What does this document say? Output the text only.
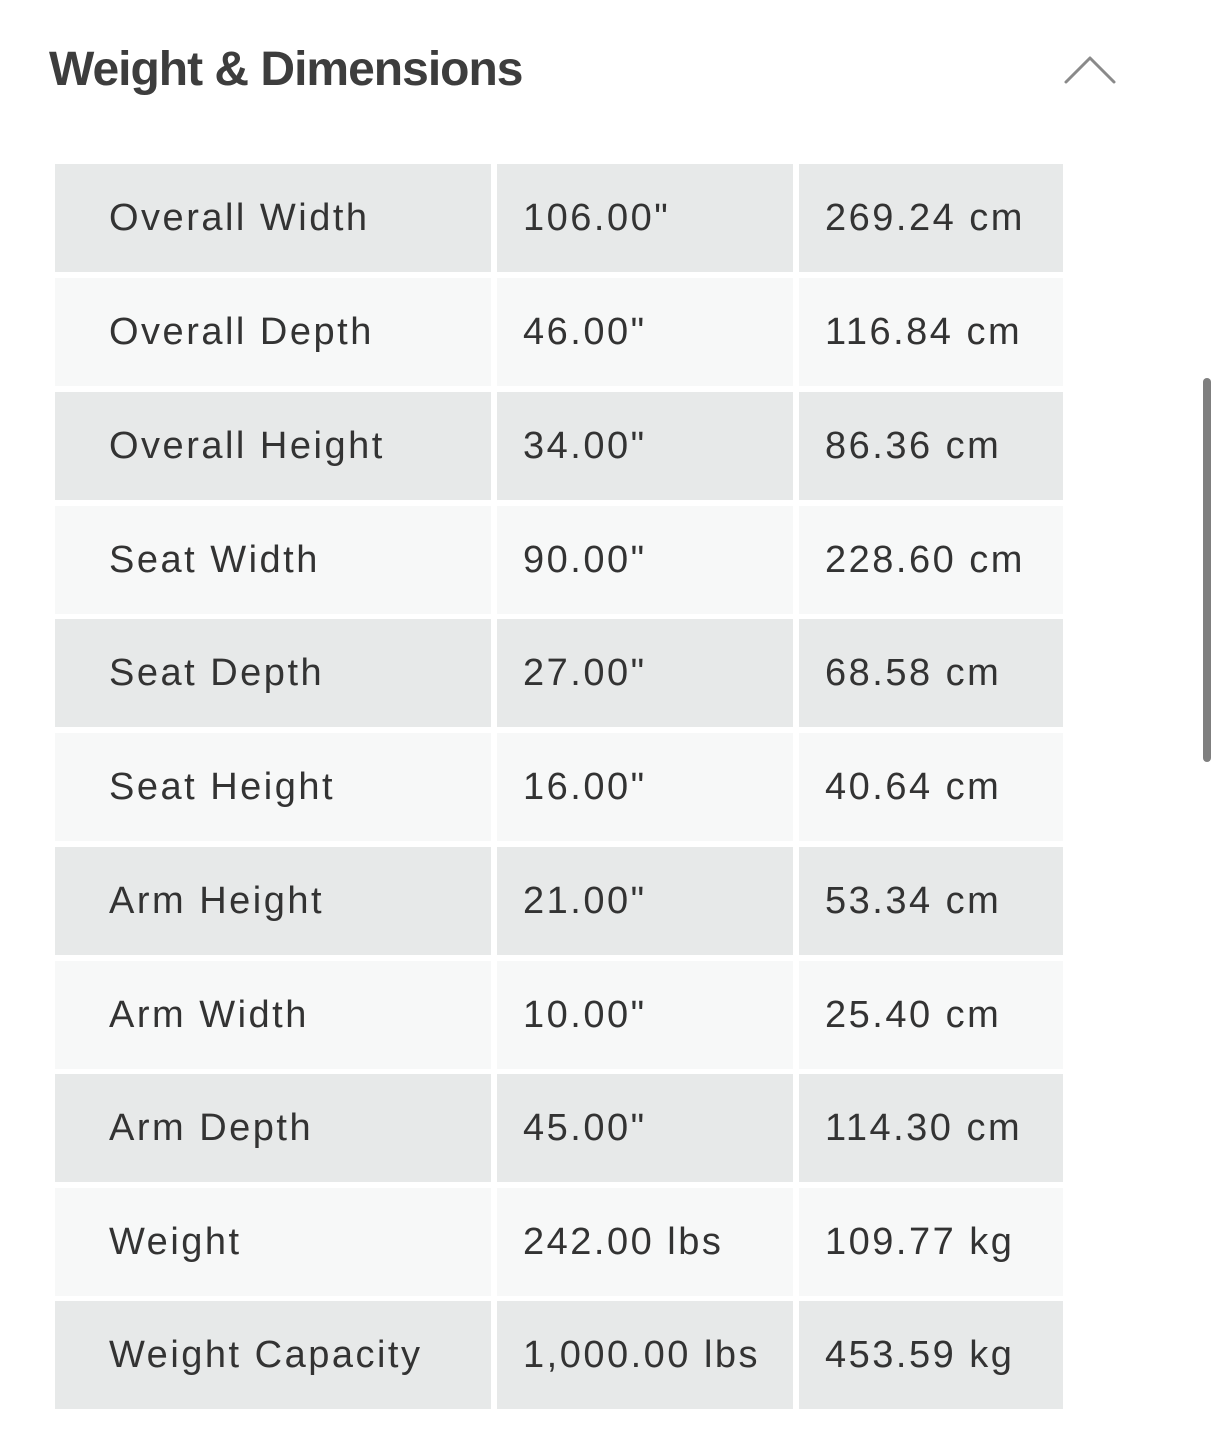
Weight & Dimensions
Overall Width	106.00"	269.24 cm
Overall Depth	46.00"	116.84 cm
Overall Height	34.00"	86.36 cm
Seat Width	90.00"	228.60 cm
Seat Depth	27.00"	68.58 cm
Seat Height	16.00"	40.64 cm
Arm Height	21.00"	53.34 cm
Arm Width	10.00"	25.40 cm
Arm Depth	45.00"	114.30 cm
Weight	242.00 lbs	109.77 kg
Weight Capacity	1,000.00 lbs	453.59 kg
